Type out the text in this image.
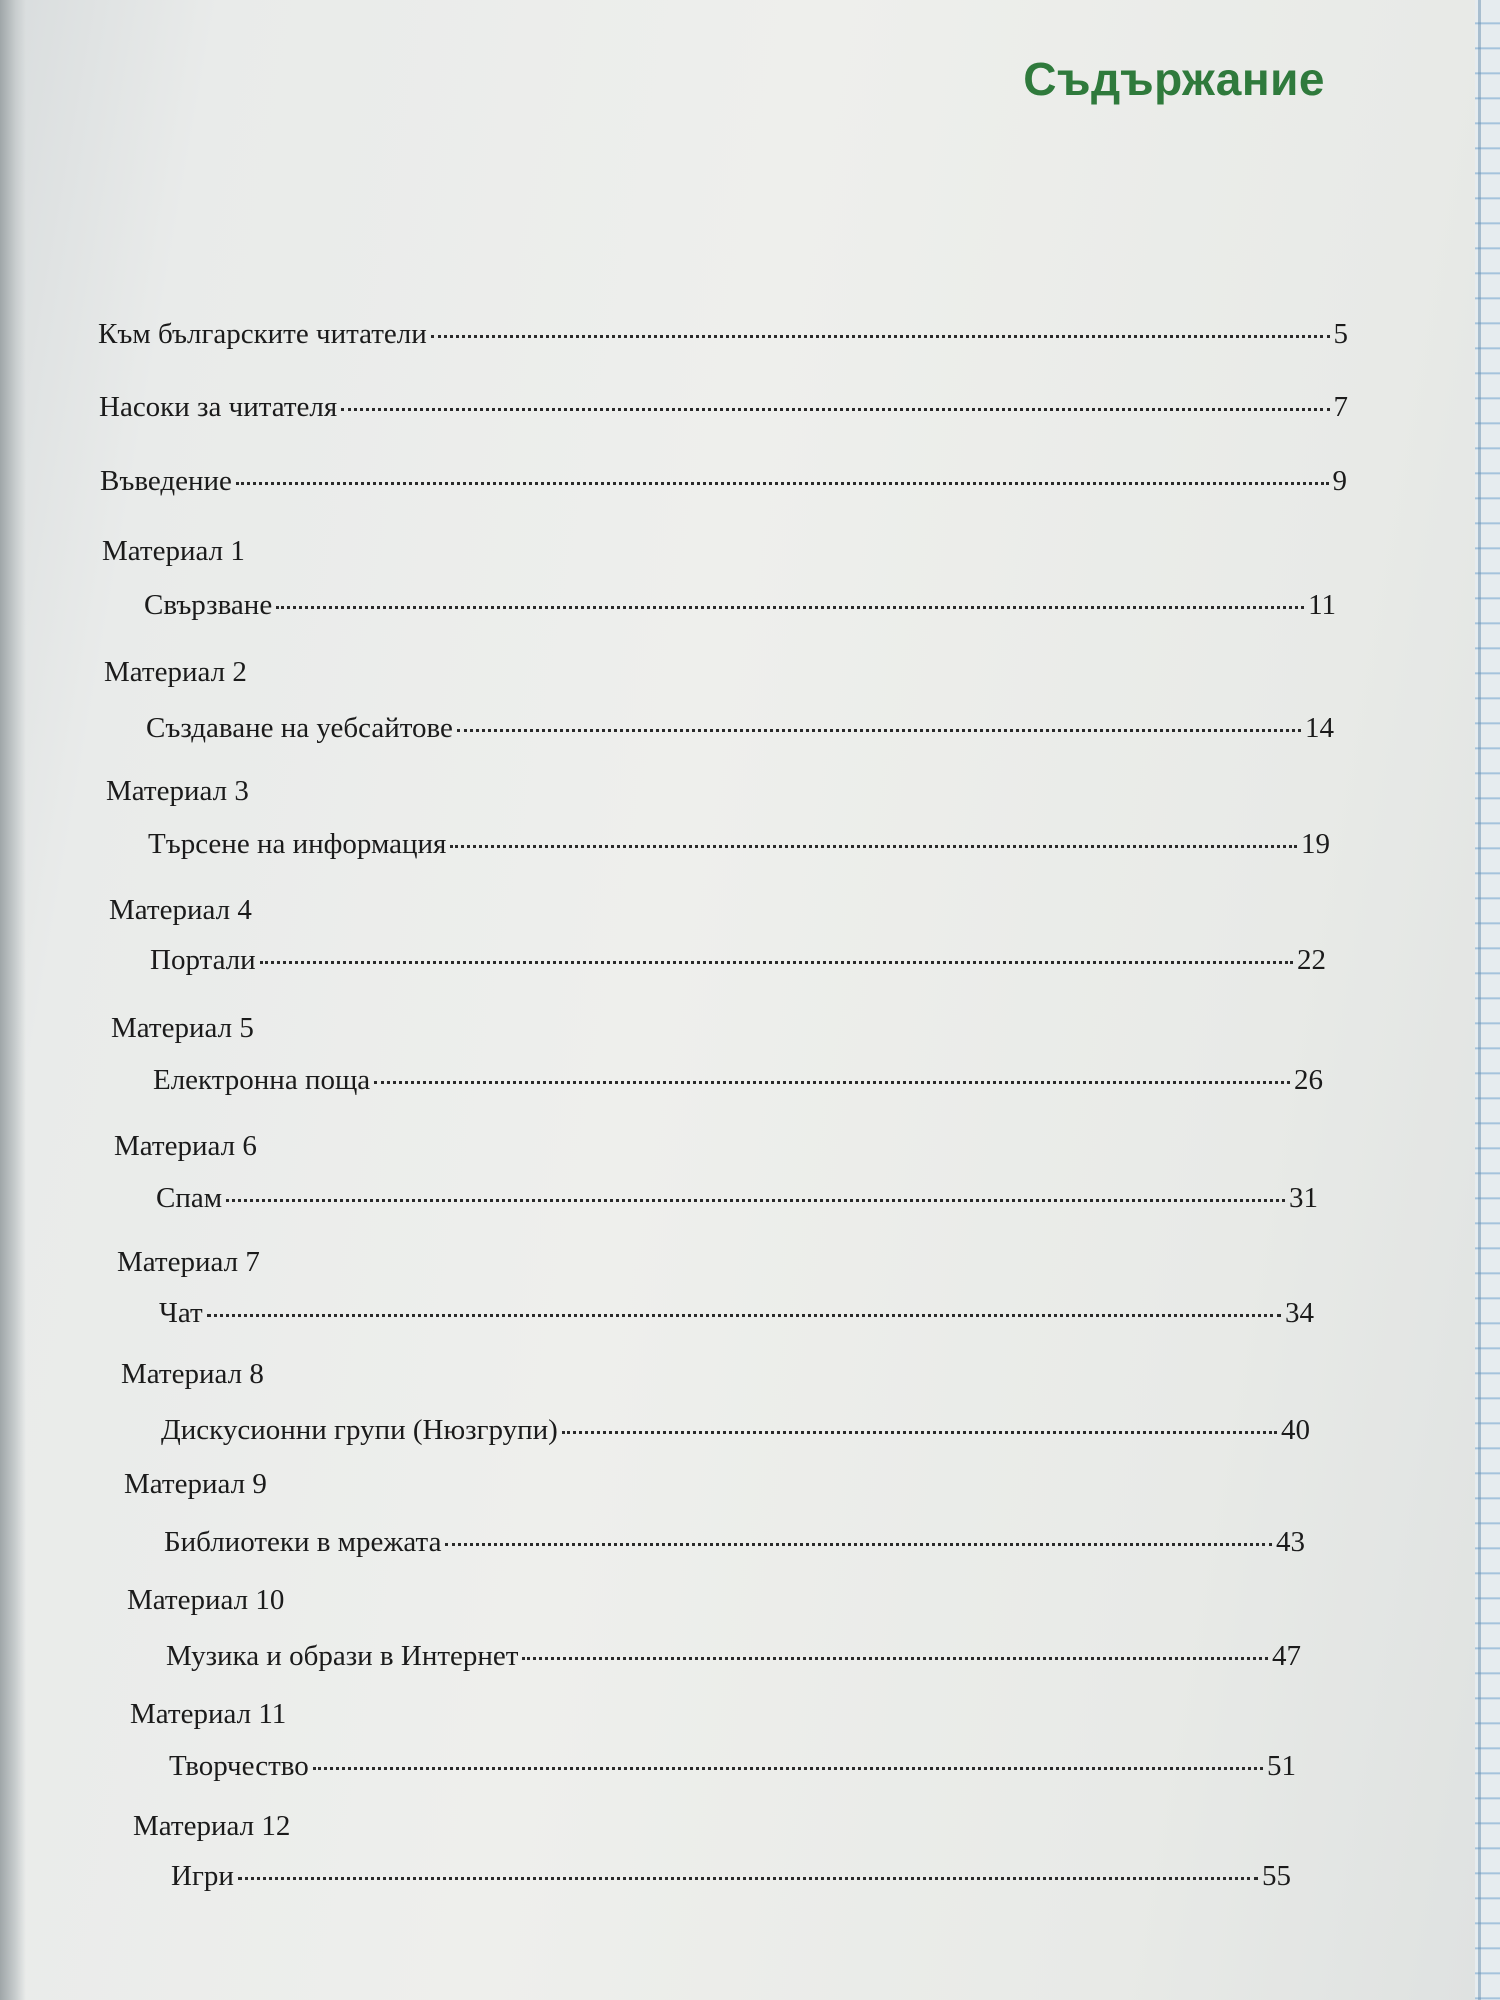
Съдържание
Към българските читатели	5
Насоки за читателя	7
Въведение	9
Материал 1
Свързване	11
Материал 2
Създаване на уебсайтове	14
Материал 3
Търсене на информация	19
Материал 4
Портали	22
Материал 5
Електронна поща	26
Материал 6
Спам	31
Материал 7
Чат	34
Материал 8
Дискусионни групи (Нюзгрупи)	40
Материал 9
Библиотеки в мрежата	43
Материал 10
Музика и образи в Интернет	47
Материал 11
Творчество	51
Материал 12
Игри	55
